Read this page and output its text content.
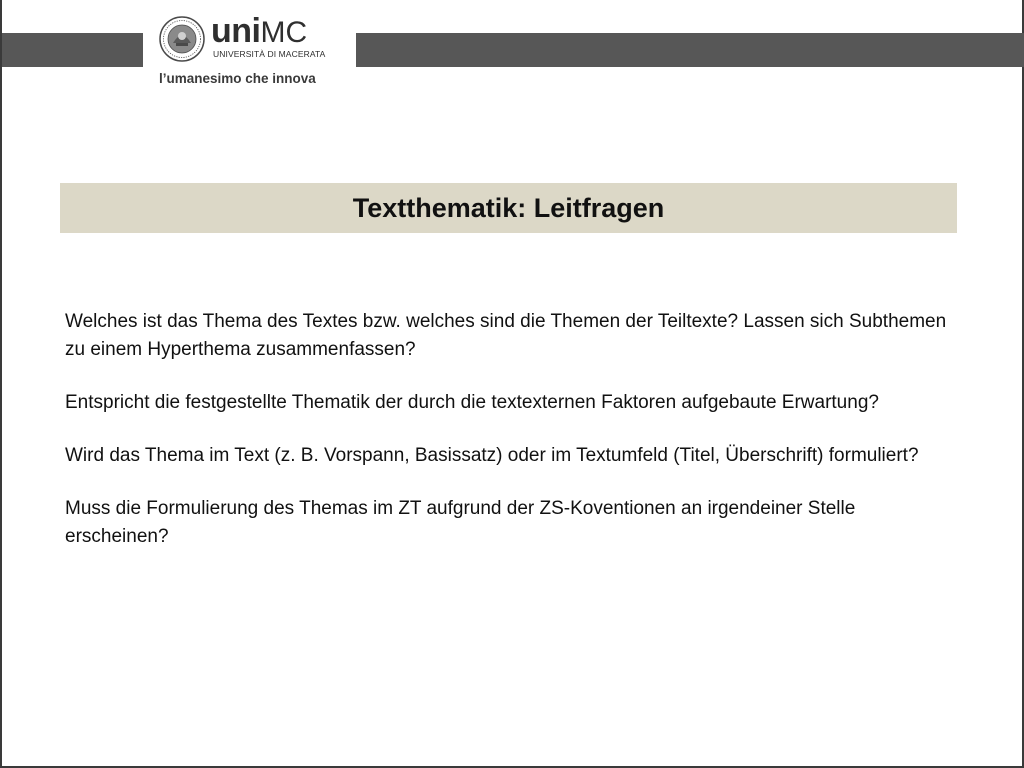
uniMC
UNIVERSITÀ DI MACERATA
l’umanesimo che innova
Textthematik: Leitfragen

Welches ist das Thema des Textes bzw. welches sind die Themen der Teiltexte? Lassen sich Subthemen zu einem Hyperthema zusammenfassen?

Entspricht die festgestellte Thematik der durch die textexternen Faktoren aufgebaute Erwartung?

Wird das Thema im Text (z. B. Vorspann, Basissatz) oder im Textumfeld (Titel, Überschrift) formuliert?

Muss die Formulierung des Themas im ZT aufgrund der ZS-Koventionen an irgendeiner Stelle erscheinen?
